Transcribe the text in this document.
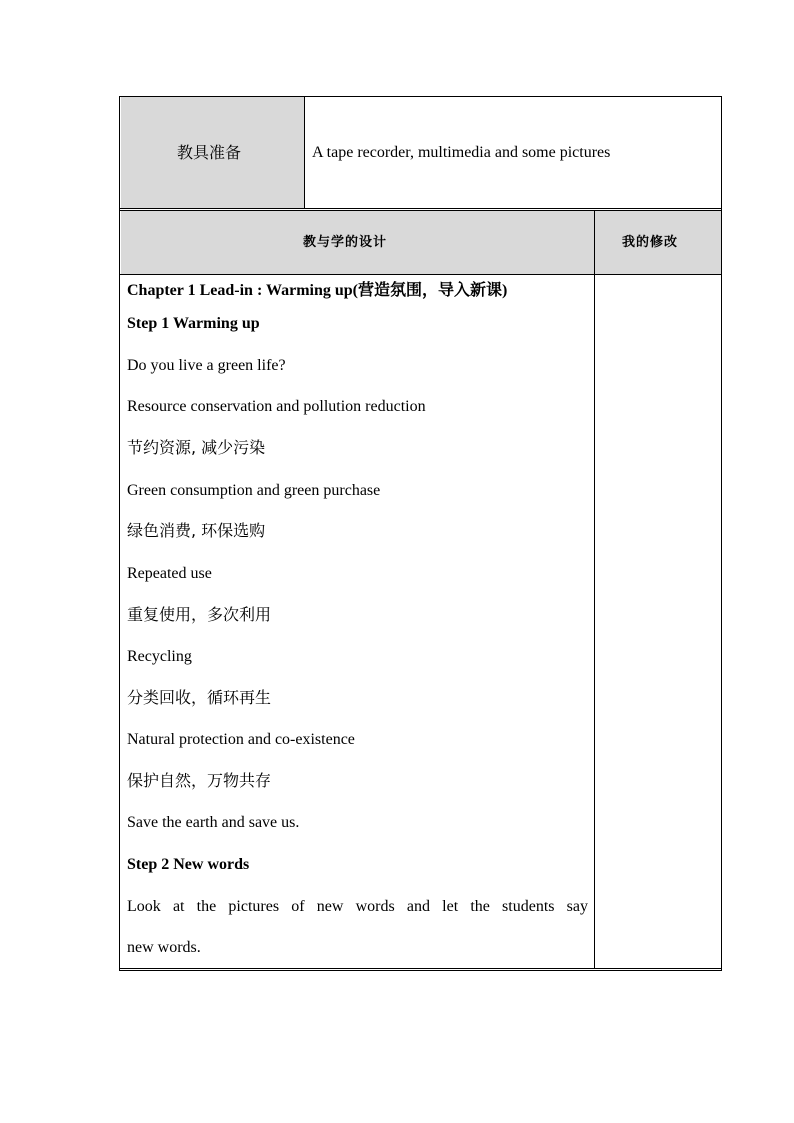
教具准备	A tape recorder, multimedia and some pictures
教与学的设计	我的修改
Chapter 1 Lead-in : Warming up(营造氛围，导入新课)
Step 1 Warming up
Do you live a green life?
Resource conservation and pollution reduction
节约资源, 减少污染
Green consumption and green purchase
绿色消费, 环保选购
Repeated use
重复使用，多次利用
Recycling
分类回收，循环再生
Natural protection and co-existence
保护自然，万物共存
Save the earth and save us.
Step 2 New words
Look at the pictures of new words and let the students say
new words.
